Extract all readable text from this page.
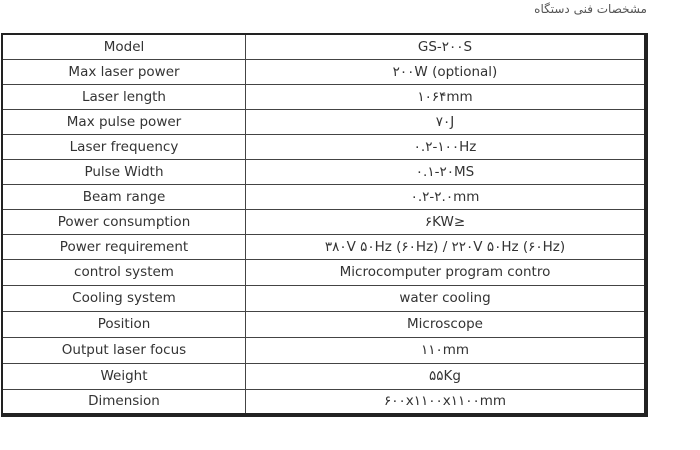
مشخصات فنی دستگاه
Model	GS-۲۰۰S
Max laser power	۲۰۰W (optional)
Laser length	۱۰۶۴mm
Max pulse power	۷۰J
Laser frequency	۰.۲-۱۰۰Hz
Pulse Width	۰.۱-۲۰MS
Beam range	۰.۲-۲.۰mm
Power consumption	۶KW≥
Power requirement	۳۸۰V ۵۰Hz (۶۰Hz) / ۲۲۰V ۵۰Hz (۶۰Hz)
control system	Microcomputer program contro
Cooling system	water cooling
Position	Microscope
Output laser focus	۱۱۰mm
Weight	۵۵Kg
Dimension	۶۰۰x۱۱۰۰x۱۱۰۰mm
